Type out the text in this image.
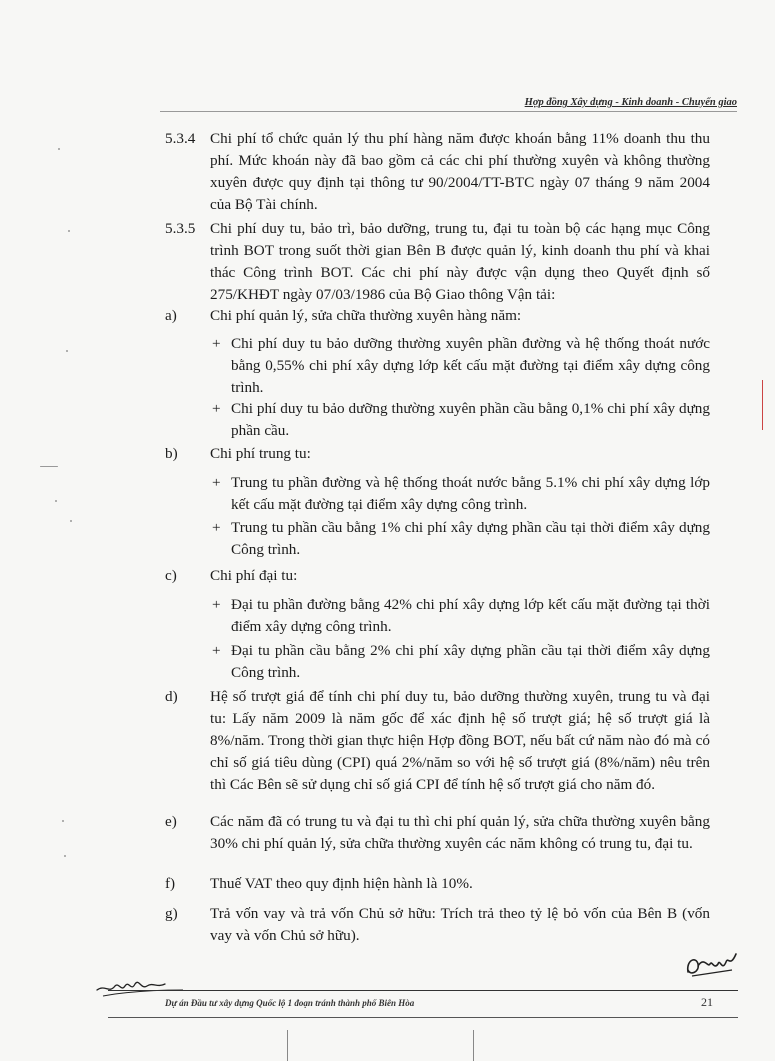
Hợp đồng Xây dựng - Kinh doanh - Chuyển giao
5.3.4 Chi phí tổ chức quản lý thu phí hàng năm được khoán bằng 11% doanh thu thu phí. Mức khoán này đã bao gồm cả các chi phí thường xuyên và không thường xuyên được quy định tại thông tư 90/2004/TT-BTC ngày 07 tháng 9 năm 2004 của Bộ Tài chính.
5.3.5 Chi phí duy tu, bảo trì, bảo dưỡng, trung tu, đại tu toàn bộ các hạng mục Công trình BOT trong suốt thời gian Bên B được quản lý, kinh doanh thu phí và khai thác Công trình BOT. Các chi phí này được vận dụng theo Quyết định số 275/KHĐT ngày 07/03/1986 của Bộ Giao thông Vận tải:
a) Chi phí quản lý, sửa chữa thường xuyên hàng năm:
+ Chi phí duy tu bảo dưỡng thường xuyên phần đường và hệ thống thoát nước bằng 0,55% chi phí xây dựng lớp kết cấu mặt đường tại điểm xây dựng công trình.
+ Chi phí duy tu bảo dưỡng thường xuyên phần cầu bằng 0,1% chi phí xây dựng phần cầu.
b) Chi phí trung tu:
+ Trung tu phần đường và hệ thống thoát nước bằng 5.1% chi phí xây dựng lớp kết cấu mặt đường tại điểm xây dựng công trình.
+ Trung tu phần cầu bằng 1% chi phí xây dựng phần cầu tại thời điểm xây dựng Công trình.
c) Chi phí đại tu:
+ Đại tu phần đường bằng 42% chi phí xây dựng lớp kết cấu mặt đường tại thời điểm xây dựng công trình.
+ Đại tu phần cầu bằng 2% chi phí xây dựng phần cầu tại thời điểm xây dựng Công trình.
d) Hệ số trượt giá để tính chi phí duy tu, bảo dưỡng thường xuyên, trung tu và đại tu: Lấy năm 2009 là năm gốc để xác định hệ số trượt giá; hệ số trượt giá là 8%/năm. Trong thời gian thực hiện Hợp đồng BOT, nếu bất cứ năm nào đó mà có chỉ số giá tiêu dùng (CPI) quá 2%/năm so với hệ số trượt giá (8%/năm) nêu trên thì Các Bên sẽ sử dụng chỉ số giá CPI để tính hệ số trượt giá cho năm đó.
e) Các năm đã có trung tu và đại tu thì chi phí quản lý, sửa chữa thường xuyên bằng 30% chi phí quản lý, sửa chữa thường xuyên các năm không có trung tu, đại tu.
f) Thuế VAT theo quy định hiện hành là 10%.
g) Trả vốn vay và trả vốn Chủ sở hữu: Trích trả theo tỷ lệ bỏ vốn của Bên B (vốn vay và vốn Chủ sở hữu).
Dự án Đầu tư xây dựng Quốc lộ 1 đoạn tránh thành phố Biên Hòa	21
